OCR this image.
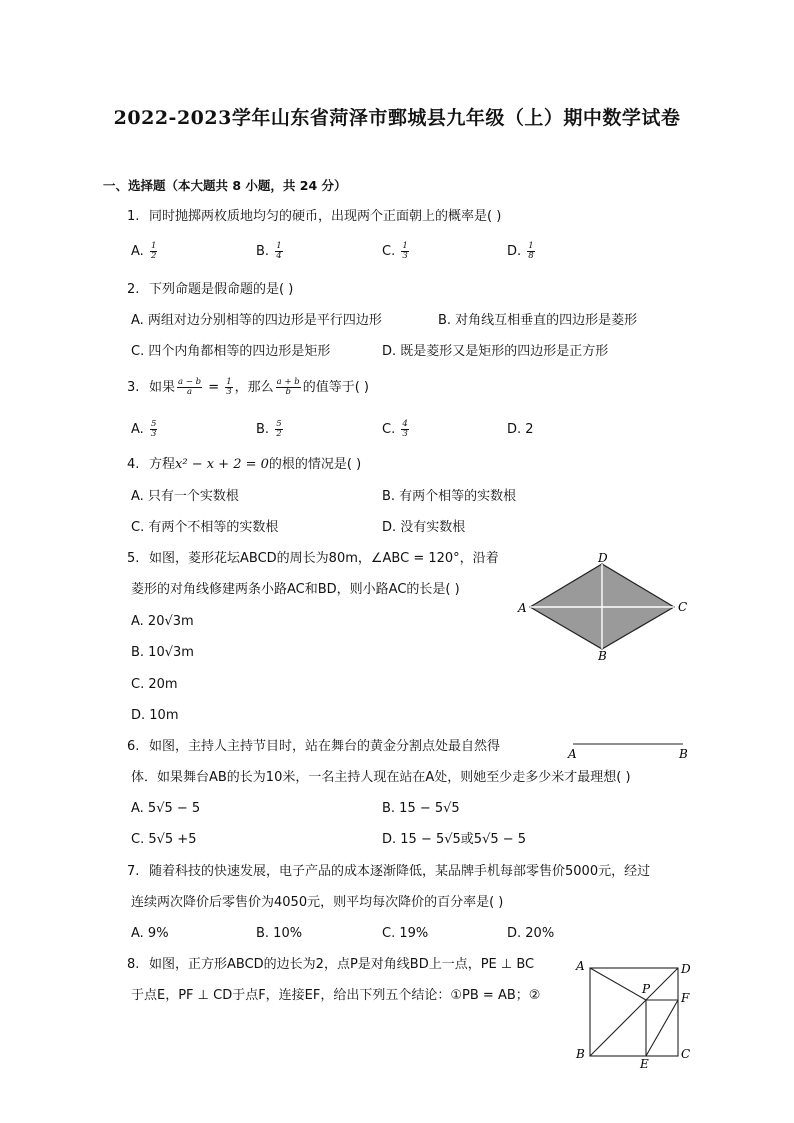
2022-2023学年山东省菏泽市鄄城县九年级（上）期中数学试卷
一、选择题（本大题共 8 小题，共 24 分）
1. 同时抛掷两枚质地均匀的硬币，出现两个正面朝上的概率是( )
A. $\frac{1}{2}$	B. $\frac{1}{4}$	C. $\frac{1}{3}$	D. $\frac{1}{8}$
2. 下列命题是假命题的是( )
A. 两组对边分别相等的四边形是平行四边形	B. 对角线互相垂直的四边形是菱形
C. 四个内角都相等的四边形是矩形	D. 既是菱形又是矩形的四边形是正方形
3. 如果 $\frac{a - b}{a} = \frac{1}{3}$ ，那么 $\frac{a + b}{b}$ 的值等于( )
A. $\frac{5}{3}$	B. $\frac{5}{2}$	C. $\frac{4}{3}$	D. 2
4. 方程x² − x + 2 = 0的根的情况是( )
A. 只有一个实数根	B. 有两个相等的实数根
C. 有两个不相等的实数根	D. 没有实数根
5. 如图，菱形花坛ABCD的周长为80m，∠ABC = 120°，沿着
菱形的对角线修建两条小路AC和BD，则小路AC的长是( )
A. 20√3m
B. 10√3m
C. 20m
D. 10m
D
A	C
B
6. 如图，主持人主持节目时，站在舞台的黄金分割点处最自然得
体．如果舞台AB的长为10米，一名主持人现在站在A处，则她至少走多少米才最理想( )
A. 5√5 − 5	B. 15 − 5√5
C. 5√5 +5	D. 15 − 5√5或5√5 − 5
A	B
7. 随着科技的快速发展，电子产品的成本逐渐降低，某品牌手机每部零售价5000元，经过
连续两次降价后零售价为4050元，则平均每次降价的百分率是( )
A. 9%	B. 10%	C. 19%	D. 20%
8. 如图，正方形ABCD的边长为2，点P是对角线BD上一点，PE ⊥ BC
于点E，PF ⊥ CD于点F，连接EF，给出下列五个结论：①PB = AB；②
A	D
P
F
B	C
E
